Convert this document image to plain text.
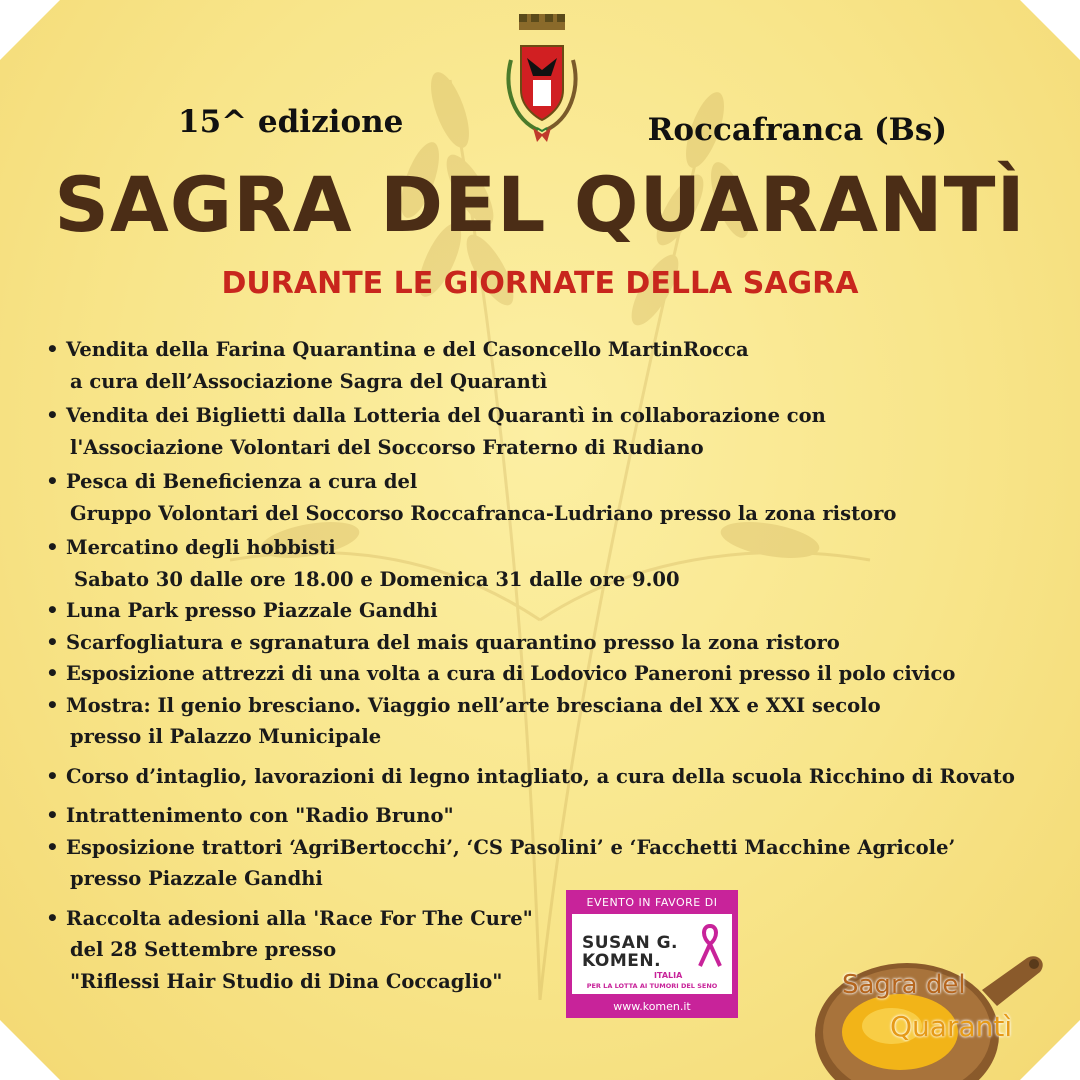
15^ edizione	Roccafranca (Bs)
SAGRA DEL QUARANTÌ
DURANTE LE GIORNATE DELLA SAGRA
• Vendita della Farina Quarantina e del Casoncello MartinRocca
a cura dell’Associazione Sagra del Quarantì
• Vendita dei Biglietti dalla Lotteria del Quarantì in collaborazione con
l'Associazione Volontari del Soccorso Fraterno di Rudiano
• Pesca di Beneficienza a cura del
Gruppo Volontari del Soccorso Roccafranca-Ludriano presso la zona ristoro
• Mercatino degli hobbisti
Sabato 30 dalle ore 18.00 e Domenica 31 dalle ore 9.00
• Luna Park presso Piazzale Gandhi
• Scarfogliatura e sgranatura del mais quarantino presso la zona ristoro
• Esposizione attrezzi di una volta a cura di Lodovico Paneroni presso il polo civico
• Mostra: Il genio bresciano. Viaggio nell’arte bresciana del XX e XXI secolo
presso il Palazzo Municipale
• Corso d’intaglio, lavorazioni di legno intagliato, a cura della scuola Ricchino di Rovato
• Intrattenimento con "Radio Bruno"
• Esposizione trattori ‘AgriBertocchi’, ‘CS Pasolini’ e ‘Facchetti Macchine Agricole’
presso Piazzale Gandhi
• Raccolta adesioni alla 'Race For The Cure"
del 28 Settembre presso
"Riflessi Hair Studio di Dina Coccaglio"
EVENTO IN FAVORE DI
SUSAN G.
KOMEN.
ITALIA
PER LA LOTTA AI TUMORI DEL SENO
www.komen.it
Sagra del
Quarantì
